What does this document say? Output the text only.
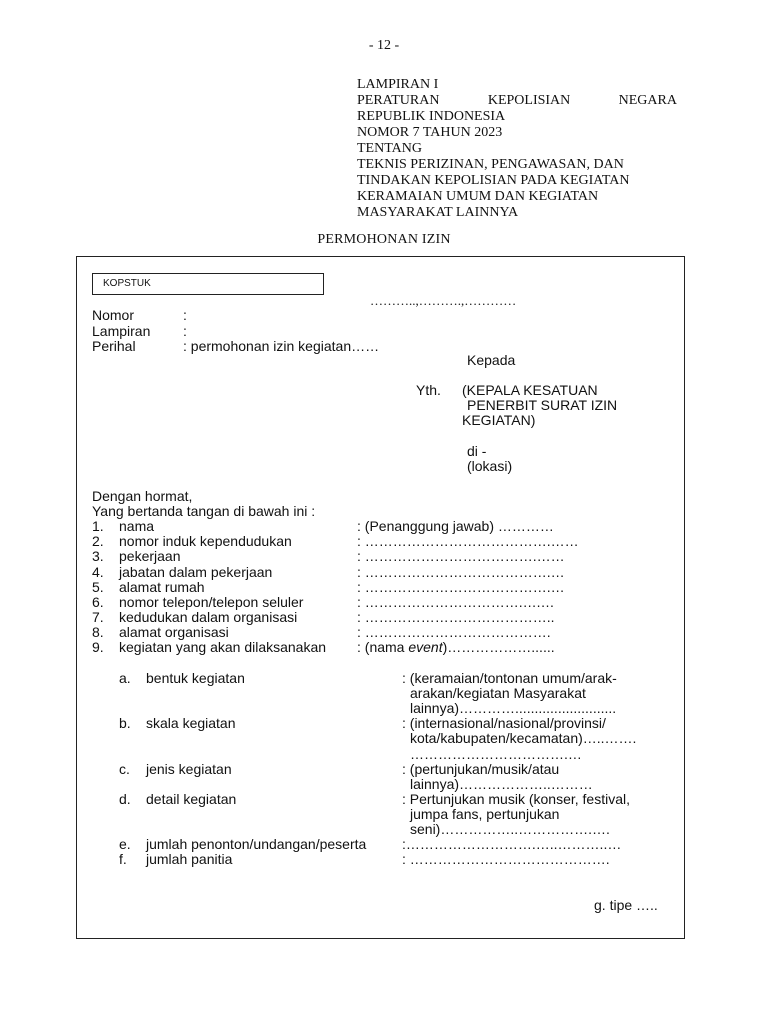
- 12 -
LAMPIRAN I
PERATURAN	KEPOLISIAN	NEGARA
REPUBLIK INDONESIA
NOMOR 7 TAHUN 2023
TENTANG
TEKNIS PERIZINAN, PENGAWASAN, DAN
TINDAKAN KEPOLISIAN PADA KEGIATAN
KERAMAIAN UMUM DAN KEGIATAN
MASYARAKAT LAINNYA
PERMOHONAN IZIN
KOPSTUK
………..,……….,…………
Nomor	:
Lampiran :
Perihal	: permohonan izin kegiatan……
Kepada
Yth. (KEPALA KESATUAN
PENERBIT SURAT IZIN
KEGIATAN)
di -
(lokasi)
Dengan hormat,
Yang bertanda tangan di bawah ini :
1. nama	: (Penanggung jawab) …………
2. nomor induk kependudukan	: ………………………………….……
3. pekerjaan	: ……………………………….……
4. jabatan dalam pekerjaan	: ………………………………….…
5. alamat rumah	: ………………………………….…
6. nomor telepon/telepon seluler	: …………………………….….…
7. kedudukan dalam organisasi	: …………………………………..
8. alamat organisasi	: ………………………………….
9. kegiatan yang akan dilaksanakan : (nama event)………………......
a. bentuk kegiatan	: (keramaian/tontonan umum/arak-
arakan/kegiatan Masyarakat
lainnya)…………..........................
b. skala kegiatan	: (internasional/nasional/provinsi/
kota/kabupaten/kecamatan)…..…….
…………………………….…
c. jenis kegiatan	: (pertunjukan/musik/atau
lainnya)………………..………
d. detail kegiatan	: Pertunjukan musik (konser, festival,
jumpa fans, pertunjukan
seni)……………..…………….….
e. jumlah penonton/undangan/peserta	:……………………….…..………..…
f. jumlah panitia	: …………………………………….
g. tipe …..
